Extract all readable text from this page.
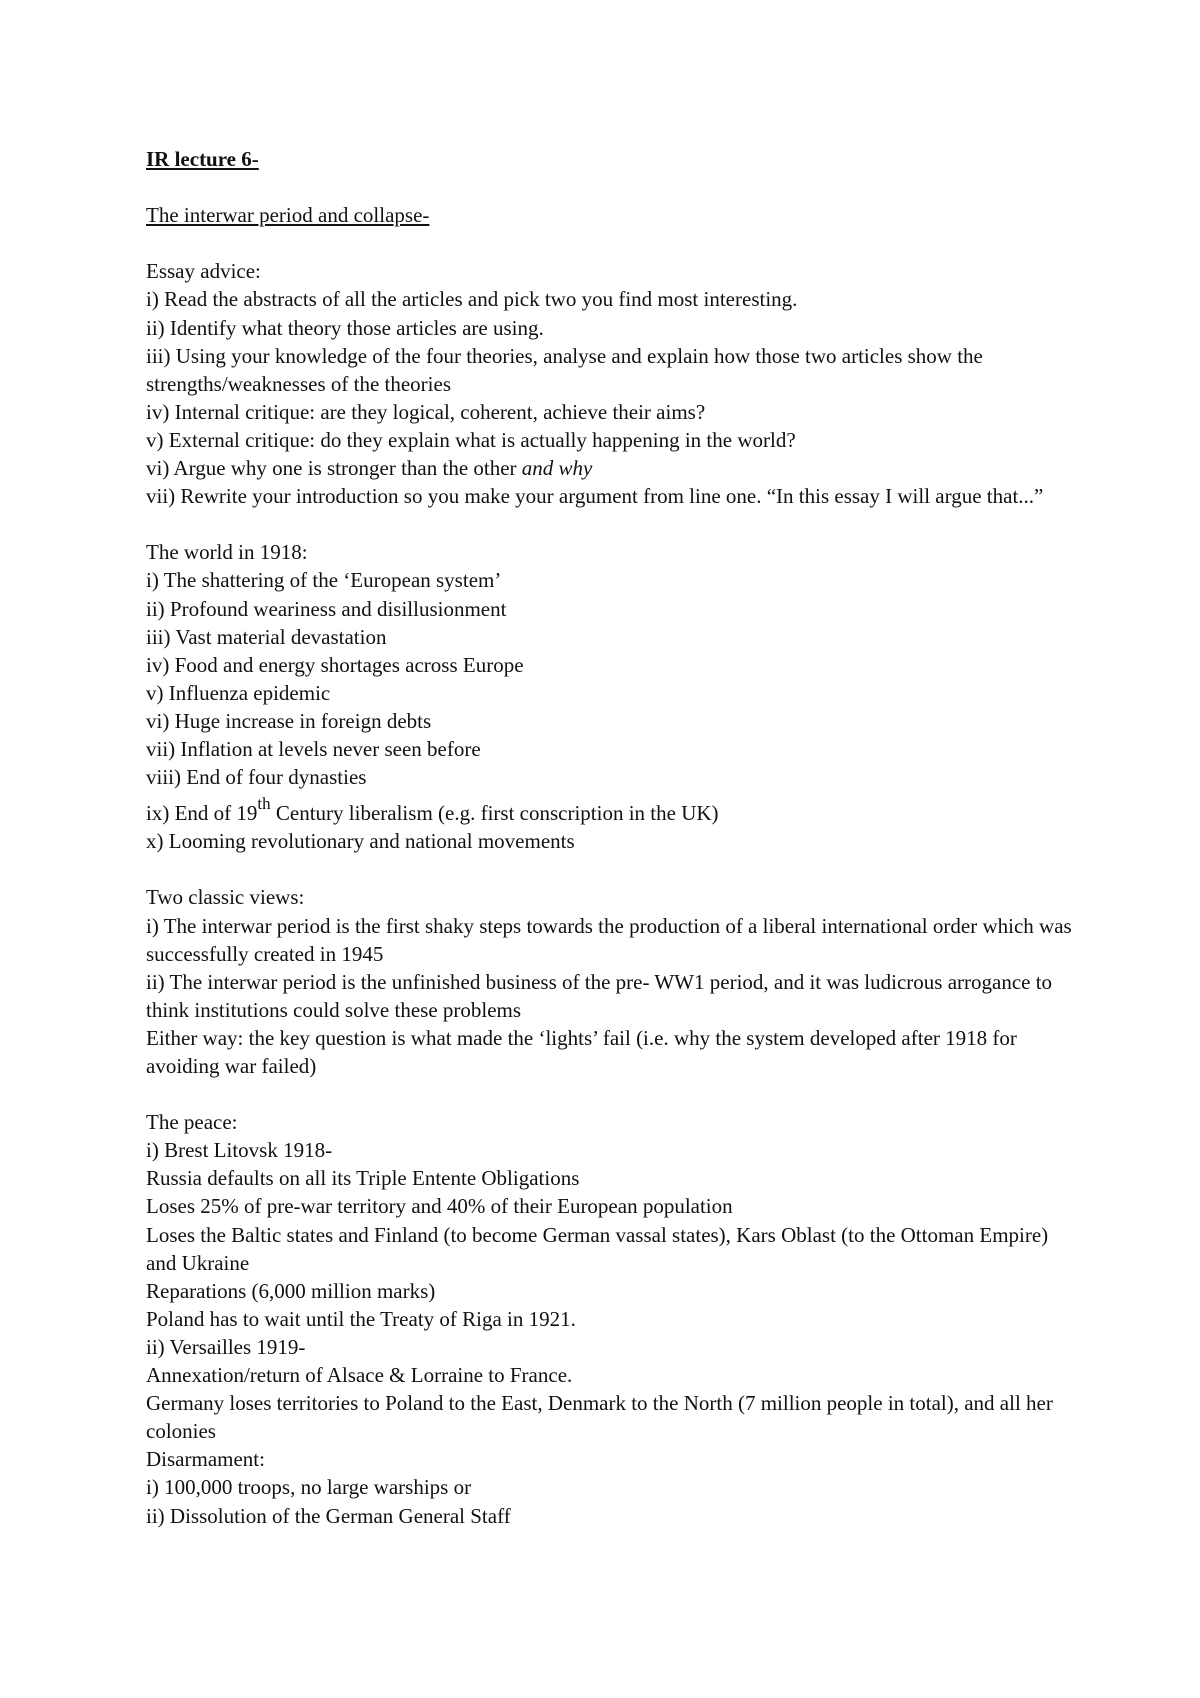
IR lecture 6-

The interwar period and collapse-

Essay advice:

i) Read the abstracts of all the articles and pick two you find most interesting.

ii) Identify what theory those articles are using.

iii) Using your knowledge of the four theories, analyse and explain how those two articles show the strengths/weaknesses of the theories

iv) Internal critique: are they logical, coherent, achieve their aims?

v) External critique: do they explain what is actually happening in the world?

vi) Argue why one is stronger than the other and why

vii) Rewrite your introduction so you make your argument from line one. “In this essay I will argue that...”

The world in 1918:

i) The shattering of the ‘European system’

ii) Profound weariness and disillusionment

iii) Vast material devastation

iv) Food and energy shortages across Europe

v) Influenza epidemic

vi) Huge increase in foreign debts

vii) Inflation at levels never seen before

viii) End of four dynasties

ix) End of 19th Century liberalism (e.g. first conscription in the UK)

x) Looming revolutionary and national movements

Two classic views:

i) The interwar period is the first shaky steps towards the production of a liberal international order which was successfully created in 1945

ii) The interwar period is the unfinished business of the pre- WW1 period, and it was ludicrous arrogance to think institutions could solve these problems

Either way: the key question is what made the ‘lights’ fail (i.e. why the system developed after 1918 for avoiding war failed)

The peace:

i) Brest Litovsk 1918-

Russia defaults on all its Triple Entente Obligations

Loses 25% of pre-war territory and 40% of their European population

Loses the Baltic states and Finland (to become German vassal states), Kars Oblast (to the Ottoman Empire) and Ukraine

Reparations (6,000 million marks)

Poland has to wait until the Treaty of Riga in 1921.

ii) Versailles 1919-

Annexation/return of Alsace & Lorraine to France.

Germany loses territories to Poland to the East, Denmark to the North (7 million people in total), and all her colonies

Disarmament:

i) 100,000 troops, no large warships or

ii) Dissolution of the German General Staff
